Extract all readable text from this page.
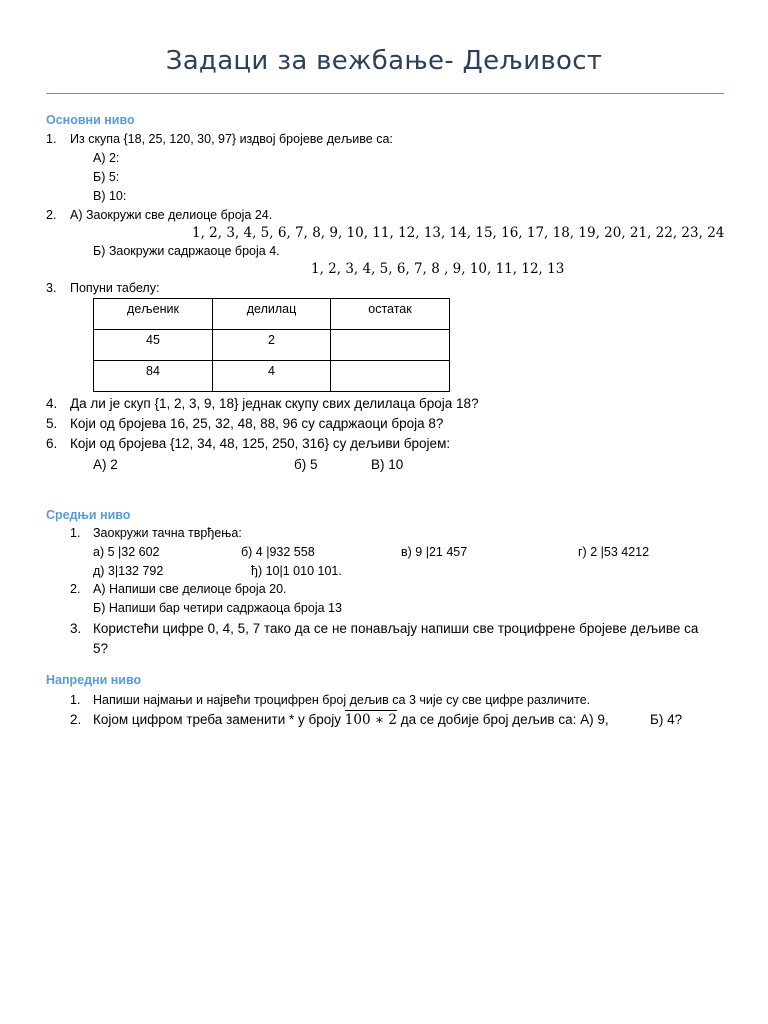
Задаци за вежбање- Дељивост
Основни ниво
1. Из скупа {18, 25, 120, 30, 97} издвој бројеве дељиве са:
А) 2:
Б) 5:
В) 10:
2. А) Заокружи све делиоце броја 24.
1, 2, 3, 4, 5, 6, 7, 8, 9, 10, 11, 12, 13, 14, 15, 16, 17, 18, 19, 20, 21, 22, 23, 24
Б) Заокружи садржаоце броја 4.
1, 2, 3, 4, 5, 6, 7, 8 , 9, 10, 11, 12, 13
3. Попуни табелу:
дељеник	делилац	остатак
45	2	
84	4	
4. Да ли је скуп {1, 2, 3, 9, 18} једнак скупу свих делилаца броја 18?
5. Који од бројева 16, 25, 32, 48, 88, 96 су садржаоци броја 8?
6. Који од бројева {12, 34, 48, 125, 250, 316} су дељиви бројем:
А) 2	б) 5	В) 10
Средњи ниво
1. Заокружи тачна тврђења:
а) 5 |32 602	б) 4 |932 558	в) 9 |21 457	г) 2 |53 4212
д) 3|132 792	ђ) 10|1 010 101.
2. А) Напиши све делиоце броја 20.
Б) Напиши бар четири садржаоца броја 13
3. Користећи цифре 0, 4, 5, 7 тако да се не понављају напиши све троцифрене бројеве дељиве са
5?
Напредни ниво
1. Напиши најмањи и највећи троцифрен број дељив са 3 чије су све цифре различите.
2. Којом цифром треба заменити * у броју 100 ∗ 2 да се добије број дељив са: А) 9,	Б) 4?
